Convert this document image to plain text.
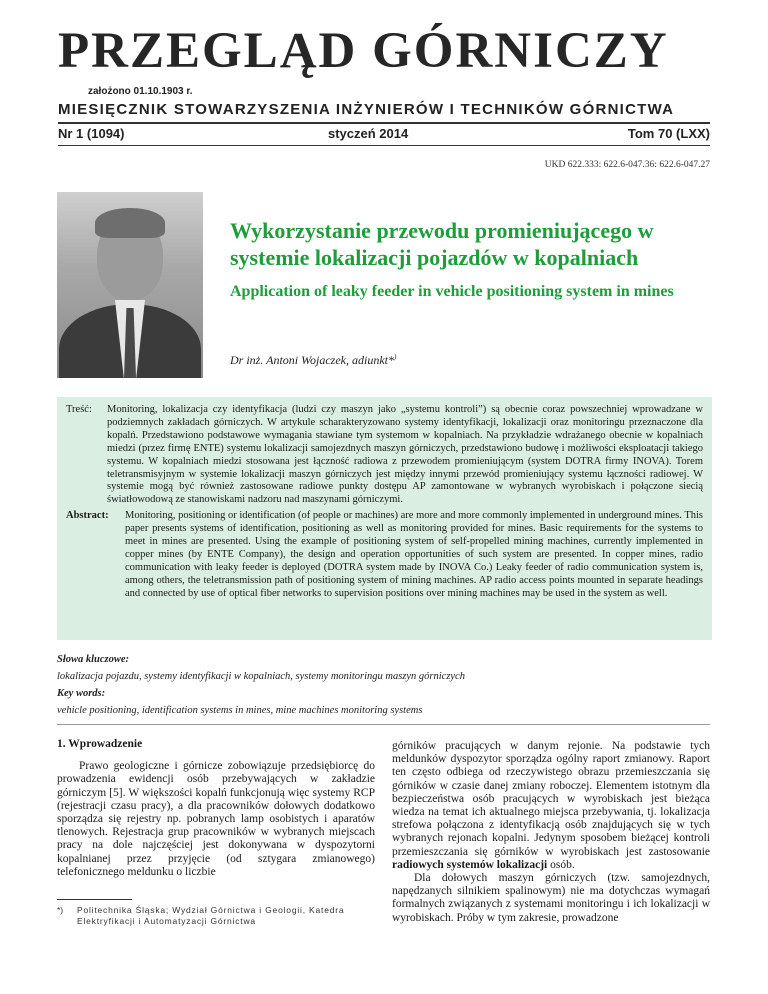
PRZEGLĄD GÓRNICZY
założono 01.10.1903 r.
MIESIĘCZNIK STOWARZYSZENIA INŻYNIERÓW I TECHNIKÓW GÓRNICTWA
Nr 1 (1094)	styczeń 2014	Tom 70 (LXX)
UKD 622.333: 622.6-047.36: 622.6-047.27
Wykorzystanie przewodu promieniującego w systemie lokalizacji pojazdów w kopalniach
Application of leaky feeder in vehicle positioning system in mines
Dr inż. Antoni Wojaczek, adiunkt*)
Treść:	Monitoring, lokalizacja czy identyfikacja (ludzi czy maszyn jako „systemu kontroli”) są obecnie coraz powszechniej wprowadzane w podziemnych zakładach górniczych. W artykule scharakteryzowano systemy identyfikacji, lokalizacji oraz monitoringu przeznaczone dla kopalń. Przedstawiono podstawowe wymagania stawiane tym systemom w kopalniach. Na przykładzie wdrażanego obecnie w kopalniach miedzi (przez firmę ENTE) systemu lokalizacji samojezdnych maszyn górniczych, przedstawiono budowę i możliwości eksploatacji takiego systemu. W kopalniach miedzi stosowana jest łączność radiowa z przewodem promieniującym (system DOTRA firmy INOVA). Torem teletransmisyjnym w systemie lokalizacji maszyn górniczych jest między innymi przewód promieniujący systemu łączności radiowej. W systemie mogą być również zastosowane radiowe punkty dostępu AP zamontowane w wybranych wyrobiskach i połączone siecią światłowodową ze stanowiskami nadzoru nad maszynami górniczymi.
Abstract:	Monitoring, positioning or identification (of people or machines) are more and more commonly implemented in underground mines. This paper presents systems of identification, positioning as well as monitoring provided for mines. Basic requirements for the systems to meet in mines are presented. Using the example of positioning system of self-propelled mining machines, currently implemented in copper mines (by ENTE Company), the design and operation opportunities of such system are presented. In copper mines, radio communication with leaky feeder is deployed (DOTRA system made by INOVA Co.) Leaky feeder of radio communication system is, among others, the teletransmission path of positioning system of mining machines. AP radio access points mounted in separate headings and connected by use of optical fiber networks to supervision positions over mining machines may be used in the system as well.
Słowa kluczowe:
lokalizacja pojazdu, systemy identyfikacji w kopalniach, systemy monitoringu maszyn górniczych
Key words:
vehicle positioning, identification systems in mines, mine machines monitoring systems
1. Wprowadzenie

Prawo geologiczne i górnicze zobowiązuje przedsiębiorcę do prowadzenia ewidencji osób przebywających w zakładzie górniczym [5]. W większości kopalń funkcjonują więc systemy RCP (rejestracji czasu pracy), a dla pracowników dołowych dodatkowo sporządza się rejestry np. pobranych lamp osobistych i aparatów tlenowych. Rejestracja grup pracowników w wybranych miejscach pracy na dole najczęściej jest dokonywana w dyspozytorni kopalnianej przez przyjęcie (od sztygara zmianowego) telefonicznego meldunku o liczbie

górników pracujących w danym rejonie. Na podstawie tych meldunków dyspozytor sporządza ogólny raport zmianowy. Raport ten często odbiega od rzeczywistego obrazu przemieszczania się górników w czasie danej zmiany roboczej. Elementem istotnym dla bezpieczeństwa osób pracujących w wyrobiskach jest bieżąca wiedza na temat ich aktualnego miejsca przebywania, tj. lokalizacja strefowa połączona z identyfikacją osób znajdujących się w tych wybranych rejonach kopalni. Jedynym sposobem bieżącej kontroli przemieszczania się górników w wyrobiskach jest zastosowanie radiowych systemów lokalizacji osób.

Dla dołowych maszyn górniczych (tzw. samojezdnych, napędzanych silnikiem spalinowym) nie ma dotychczas wymagań formalnych związanych z systemami monitoringu i ich lokalizacji w wyrobiskach. Próby w tym zakresie, prowadzone

*)	Politechnika Śląska; Wydział Górnictwa i Geologii, Katedra Elektryfikacji i Automatyzacji Górnictwa
